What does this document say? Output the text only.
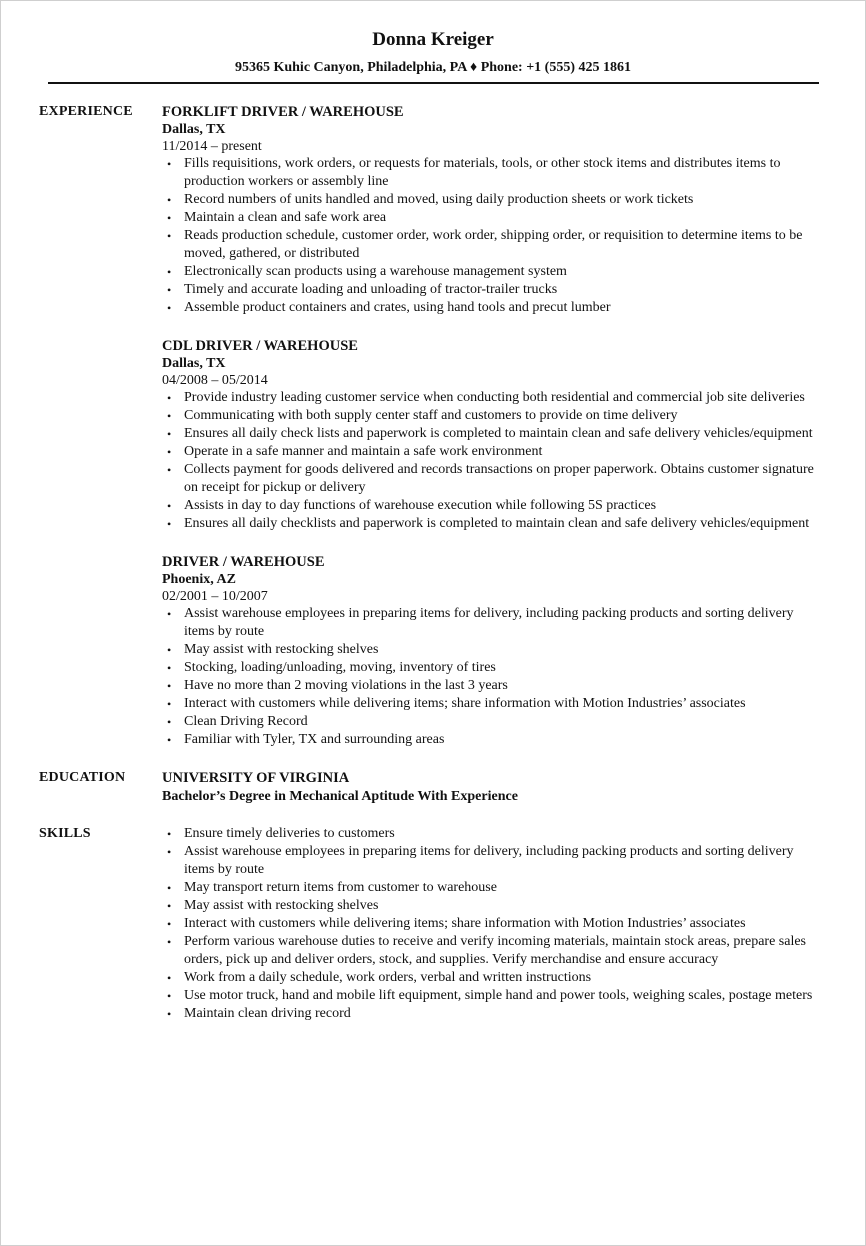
Donna Kreiger
95365 Kuhic Canyon, Philadelphia, PA ♦ Phone: +1 (555) 425 1861
EXPERIENCE	FORKLIFT DRIVER / WAREHOUSE
Dallas, TX
11/2014 – present
• Fills requisitions, work orders, or requests for materials, tools, or other stock items and distributes items to production workers or assembly line
• Record numbers of units handled and moved, using daily production sheets or work tickets
• Maintain a clean and safe work area
• Reads production schedule, customer order, work order, shipping order, or requisition to determine items to be moved, gathered, or distributed
• Electronically scan products using a warehouse management system
• Timely and accurate loading and unloading of tractor-trailer trucks
• Assemble product containers and crates, using hand tools and precut lumber
CDL DRIVER / WAREHOUSE
Dallas, TX
04/2008 – 05/2014
• Provide industry leading customer service when conducting both residential and commercial job site deliveries
• Communicating with both supply center staff and customers to provide on time delivery
• Ensures all daily check lists and paperwork is completed to maintain clean and safe delivery vehicles/equipment
• Operate in a safe manner and maintain a safe work environment
• Collects payment for goods delivered and records transactions on proper paperwork. Obtains customer signature on receipt for pickup or delivery
• Assists in day to day functions of warehouse execution while following 5S practices
• Ensures all daily checklists and paperwork is completed to maintain clean and safe delivery vehicles/equipment
DRIVER / WAREHOUSE
Phoenix, AZ
02/2001 – 10/2007
• Assist warehouse employees in preparing items for delivery, including packing products and sorting delivery items by route
• May assist with restocking shelves
• Stocking, loading/unloading, moving, inventory of tires
• Have no more than 2 moving violations in the last 3 years
• Interact with customers while delivering items; share information with Motion Industries’ associates
• Clean Driving Record
• Familiar with Tyler, TX and surrounding areas
EDUCATION	UNIVERSITY OF VIRGINIA
Bachelor’s Degree in Mechanical Aptitude With Experience
SKILLS	• Ensure timely deliveries to customers
• Assist warehouse employees in preparing items for delivery, including packing products and sorting delivery items by route
• May transport return items from customer to warehouse
• May assist with restocking shelves
• Interact with customers while delivering items; share information with Motion Industries’ associates
• Perform various warehouse duties to receive and verify incoming materials, maintain stock areas, prepare sales orders, pick up and deliver orders, stock, and supplies. Verify merchandise and ensure accuracy
• Work from a daily schedule, work orders, verbal and written instructions
• Use motor truck, hand and mobile lift equipment, simple hand and power tools, weighing scales, postage meters
• Maintain clean driving record
